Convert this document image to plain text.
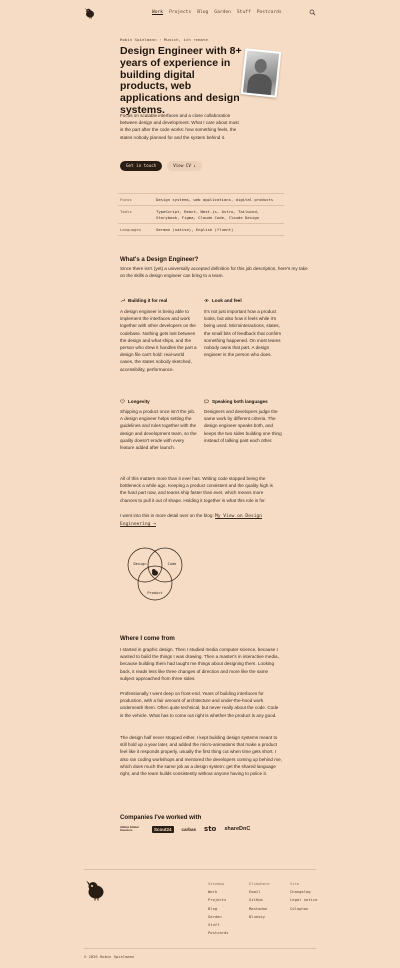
Work Projects Blog Garden Stuff Postcards
Robin Spielmann · Munich, ich remote
Design Engineer with 8+ years of experience in building digital products, web applications and design systems.

Focus on scalable interfaces and a close collaboration between design and development. What I care about most is the part after the code works: how something feels, the states nobody planned for and the system behind it.

Get in touch	View CV ↓
Focus	Design systems, web applications, digital products
Tools	TypeScript, React, Next.js, Astro, Tailwind, Storybook, Figma, Claude Code, Claude Design
Languages	German (native), English (fluent)
What's a Design Engineer?

Since there isn't (yet) a universally accepted definition for this job description, here's my take on the skills a design engineer can bring to a team.

Building it for real

A design engineer is being able to implement the interfaces and work together with other developers on the codebase. Nothing gets lost between the design and what ships, and the person who drew it handles the part a design file can't hold: real-world cases, the states nobody sketched, accessibility, performance.

Look and feel

It's not just important how a product looks, but also how it feels while it's being used. Microinteractions, states, the small bits of feedback that confirm something happened. On most teams nobody owns that part. A design engineer is the person who does.

Longevity

Shipping a product once isn't the job. A design engineer helps setting the guidelines and rules together with the design and development team, so the quality doesn't erode with every feature added after launch.

Speaking both languages

Designers and developers judge the same work by different criteria. The design engineer speaks both, and keeps the two sides building one thing instead of talking past each other.

All of this matters more than it ever has. Writing code stopped being the bottleneck a while ago. Keeping a product consistent and the quality high is the hard part now, and teams ship faster than ever, which means more chances to pull it out of shape. Holding it together is what this role is for.

I went into this in more detail over on the blog: My View on Design Engineering →

Design	Code
Product
Where I come from

I started in graphic design. Then I studied media computer science, because I wanted to build the things I was drawing. Then a master's in interactive media, because building them had taught me things about designing them. Looking back, it reads less like three changes of direction and more like the same subject approached from three sides.

Professionally I went deep on front-end. Years of building interfaces for production, with a fair amount of architecture and under-the-hood work underneath them. Often quite technical, but never really about the code. Code is the vehicle. What has to come out right is whether the product is any good.

The design half never stopped either. I kept building design systems meant to still hold up a year later, and added the micro-animations that make a product feel like it responds properly, usually the first thing cut when time gets short. I also ran coding workshops and mentored the developers coming up behind me, which does much the same job as a design system: get the shared language right, and the team builds consistently without anyone having to police it.

Companies I've worked with
Allianz Global Investors	Scout24	carbas sto shareDnC
Sitemap
Work
Projects
Blog
Garden
Stuff
Postcards
Elsewhere
Email
GitHub
Mastodon
Bluesky
Site
Changelog
Legal notice
Colophon
© 2026 Robin Spielmann
